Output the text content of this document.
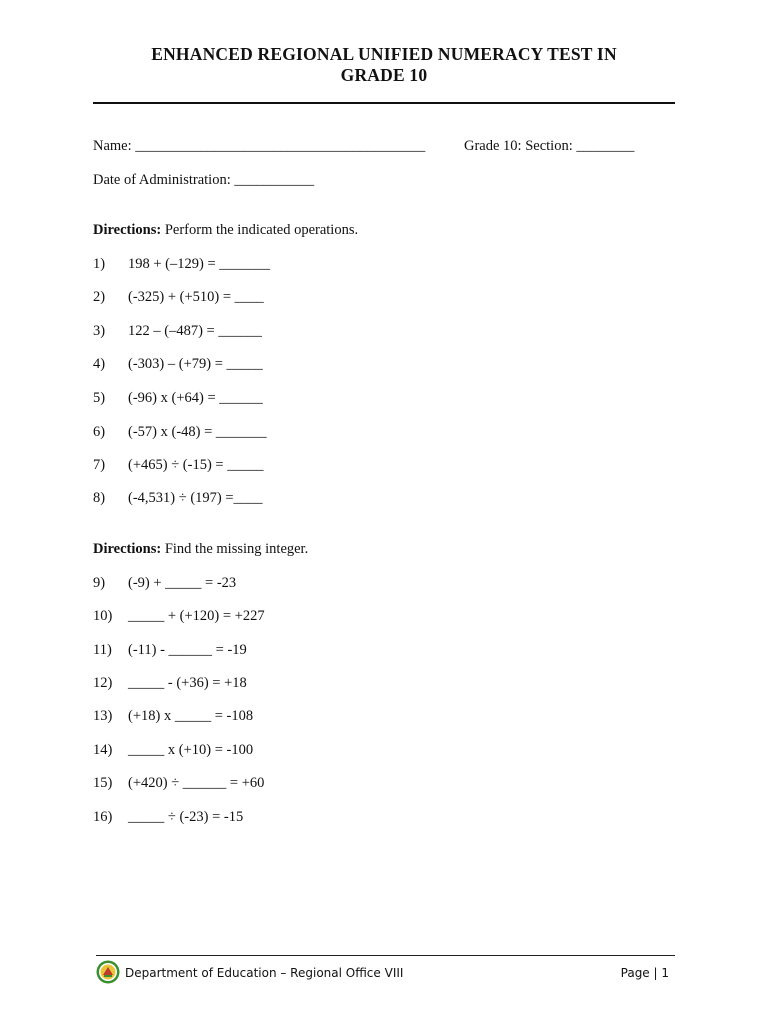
ENHANCED REGIONAL UNIFIED NUMERACY TEST IN
GRADE 10
Name: ________________________________________	Grade 10: Section: ________
Date of Administration: ___________
Directions: Perform the indicated operations.
1) 198 + (–129) = _______
2) (-325) + (+510) = ____
3) 122 – (–487) = ______
4) (-303) – (+79) = _____
5) (-96) x (+64) = ______
6) (-57) x (-48) = _______
7) (+465) ÷ (-15) = _____
8) (-4,531) ÷ (197) =____
Directions: Find the missing integer.
9) (-9) + _____ = -23
10) _____ + (+120) = +227
11) (-11) - ______ = -19
12) _____ - (+36) = +18
13) (+18) x _____ = -108
14) _____ x (+10) = -100
15) (+420) ÷ ______ = +60
16) _____ ÷ (-23) = -15
Department of Education – Regional Office VIII	Page | 1
